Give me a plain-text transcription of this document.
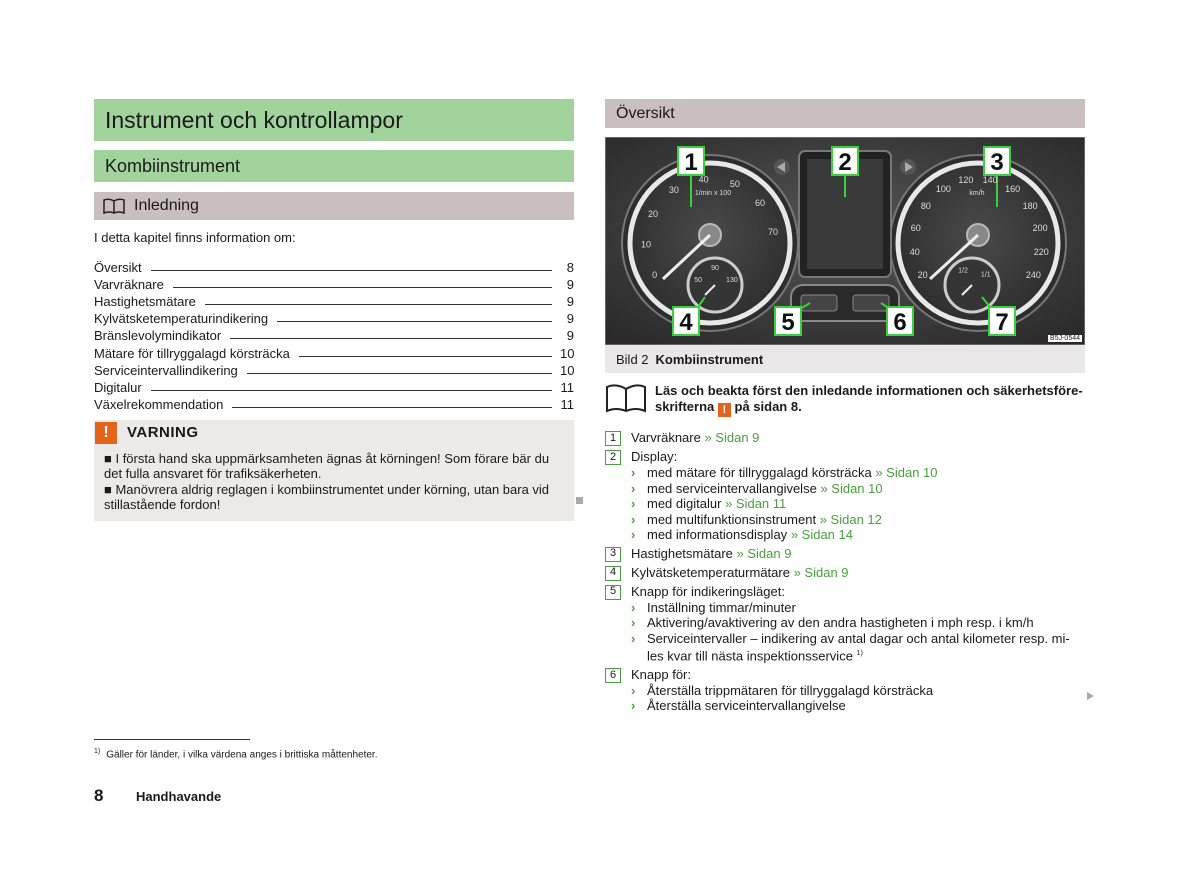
Instrument och kontrollampor
Kombiinstrument
Inledning
I detta kapitel finns information om:
Översikt	8
Varvräknare	9
Hastighetsmätare	9
Kylvätsketemperaturindikering	9
Bränslevolymindikator	9
Mätare för tillryggalagd körsträcka	10
Serviceintervallindikering	10
Digitalur	11
Växelrekommendation	11
!	VARNING
■ I första hand ska uppmärksamheten ägnas åt körningen! Som förare bär du det fulla ansvaret för trafiksäkerheten.
■ Manövrera aldrig reglagen i kombiinstrumentet under körning, utan bara vid stillastående fordon!
Översikt
1	2	3
4	5	6	7
0
10
20
30
40 50
60
70
20
40
60
80
100
120 140
160
180
200
220
240
50
90
130
1/2
1/1
1/min x 100	km/h
B5J-0544
Bild 2 Kombiinstrument
Läs och beakta först den inledande informationen och säkerhetsföre-
skrifterna ! på sidan 8.
1	Varvräknare » Sidan 9
2	Display:
› med mätare för tillryggalagd körsträcka » Sidan 10
› med serviceintervallangivelse » Sidan 10
› med digitalur » Sidan 11
› med multifunktionsinstrument » Sidan 12
› med informationsdisplay » Sidan 14
3	Hastighetsmätare » Sidan 9
4	Kylvätsketemperaturmätare » Sidan 9
5	Knapp för indikeringsläget:
› Inställning timmar/minuter
› Aktivering/avaktivering av den andra hastigheten i mph resp. i km/h
› Serviceintervaller – indikering av antal dagar och antal kilometer resp. mi-
les kvar till nästa inspektionsservice $^{1)}$
6	Knapp för:
› Återställa trippmätaren för tillryggalagd körsträcka
› Återställa serviceintervallangivelse
$^{1)}$ Gäller för länder, i vilka värdena anges i brittiska måttenheter.
8	Handhavande
